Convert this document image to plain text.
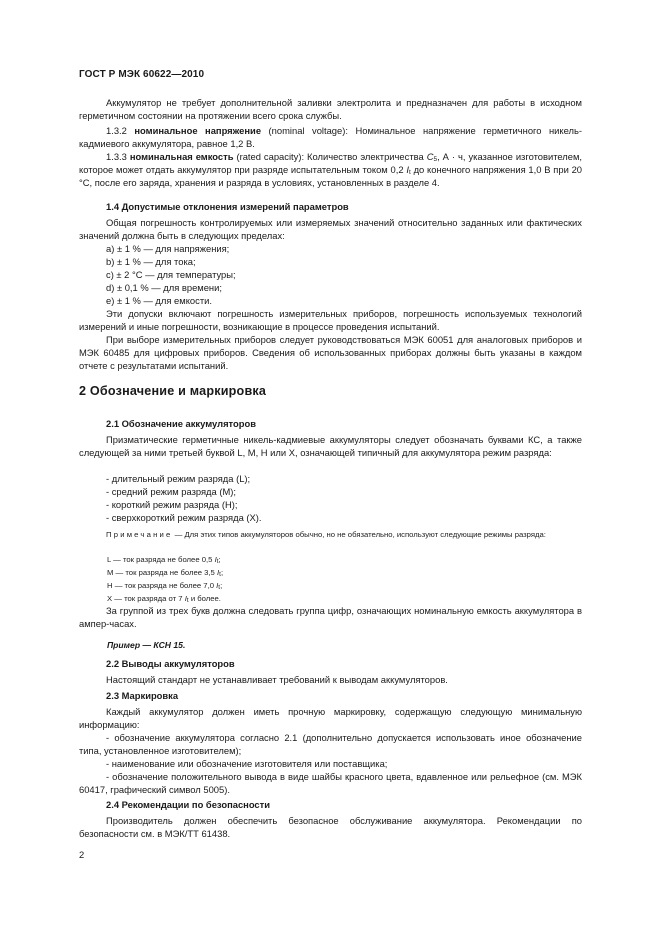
ГОСТ Р МЭК 60622—2010
Аккумулятор не требует дополнительной заливки электролита и предназначен для работы в исходном герметичном состоянии на протяжении всего срока службы.
1.3.2 номинальное напряжение (nominal voltage): Номинальное напряжение герметичного никель-кадмиевого аккумулятора, равное 1,2 В.
1.3.3 номинальная емкость (rated capacity): Количество электричества $C_5$, А · ч, указанное изготовителем, которое может отдать аккумулятор при разряде испытательным током 0,2 $I_t$ до конечного напряжения 1,0 В при 20 °С, после его заряда, хранения и разряда в условиях, установленных в разделе 4.
1.4 Допустимые отклонения измерений параметров
Общая погрешность контролируемых или измеряемых значений относительно заданных или фактических значений должна быть в следующих пределах:
а) ± 1 % — для напряжения;
b) ± 1 % — для тока;
с) ± 2 °С — для температуры;
d) ± 0,1 % — для времени;
е) ± 1 % — для емкости.
Эти допуски включают погрешность измерительных приборов, погрешность используемых технологий измерений и иные погрешности, возникающие в процессе проведения испытаний.
При выборе измерительных приборов следует руководствоваться МЭК 60051 для аналоговых приборов и МЭК 60485 для цифровых приборов. Сведения об использованных приборах должны быть указаны в каждом отчете с результатами испытаний.
2 Обозначение и маркировка
2.1 Обозначение аккумуляторов
Призматические герметичные никель-кадмиевые аккумуляторы следует обозначать буквами КС, а также следующей за ними третьей буквой L, М, Н или Х, означающей типичный для аккумулятора режим разряда:
- длительный режим разряда (L);
- средний режим разряда (М);
- короткий режим разряда (Н);
- сверхкороткий режим разряда (Х).
Примечание — Для этих типов аккумуляторов обычно, но не обязательно, используют следующие режимы разряда:
L — ток разряда не более 0,5 $I_t$;
М — ток разряда не более 3,5 $I_t$;
Н — ток разряда не более 7,0 $I_t$;
Х — ток разряда от 7 $I_t$ и более.
За группой из трех букв должна следовать группа цифр, означающих номинальную емкость аккумулятора в ампер-часах.
Пример — КСН 15.
2.2 Выводы аккумуляторов
Настоящий стандарт не устанавливает требований к выводам аккумуляторов.
2.3 Маркировка
Каждый аккумулятор должен иметь прочную маркировку, содержащую следующую минимальную информацию:
- обозначение аккумулятора согласно 2.1 (дополнительно допускается использовать иное обозначение типа, установленное изготовителем);
- наименование или обозначение изготовителя или поставщика;
- обозначение положительного вывода в виде шайбы красного цвета, вдавленное или рельефное (см. МЭК 60417, графический символ 5005).
2.4 Рекомендации по безопасности
Производитель должен обеспечить безопасное обслуживание аккумулятора. Рекомендации по безопасности см. в МЭК/ТТ 61438.
2
